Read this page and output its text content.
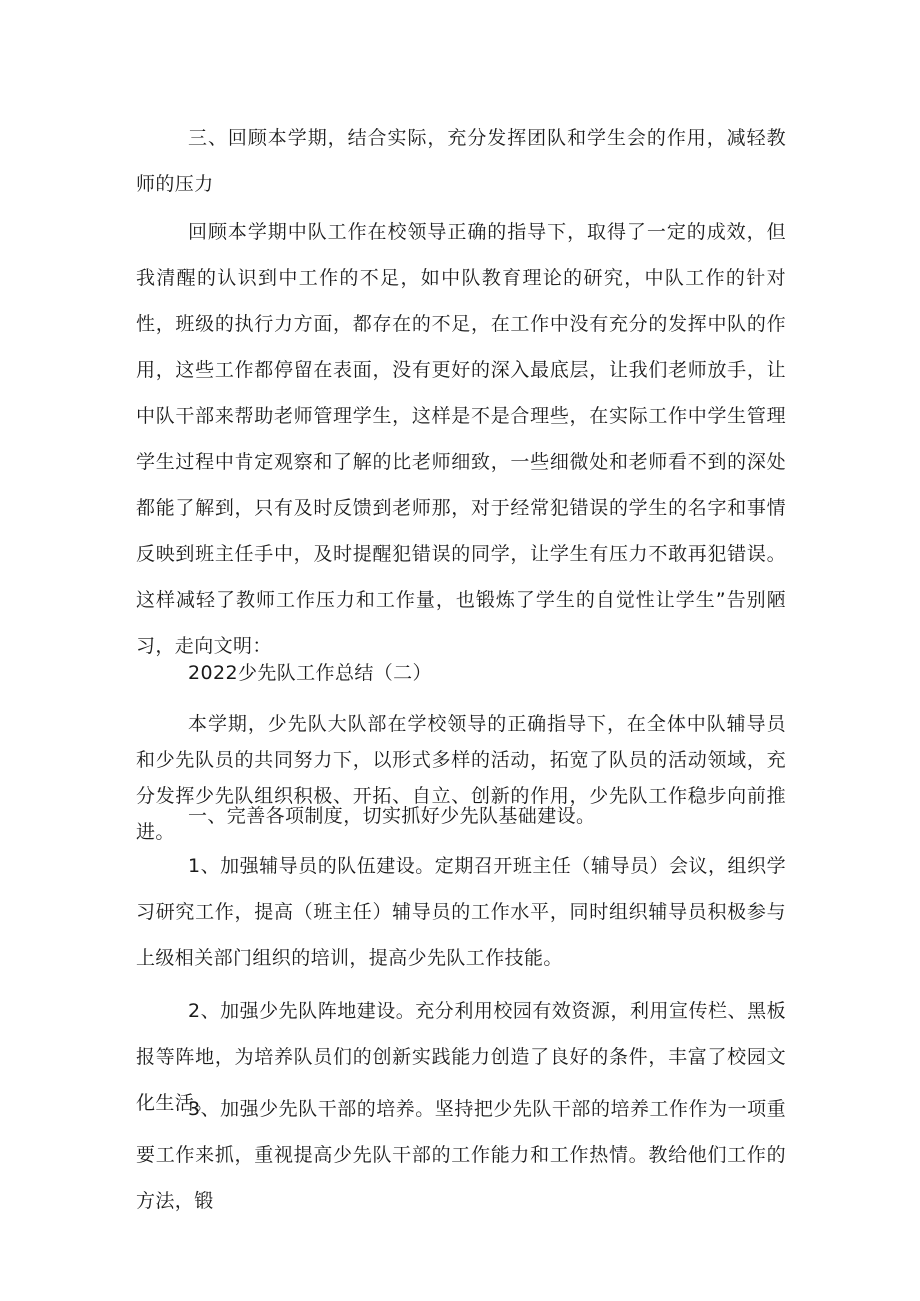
三、回顾本学期，结合实际，充分发挥团队和学生会的作用，减轻教师的压力

回顾本学期中队工作在校领导正确的指导下，取得了一定的成效，但我清醒的认识到中工作的不足，如中队教育理论的研究，中队工作的针对性，班级的执行力方面，都存在的不足，在工作中没有充分的发挥中队的作用，这些工作都停留在表面，没有更好的深入最底层，让我们老师放手，让中队干部来帮助老师管理学生，这样是不是合理些，在实际工作中学生管理学生过程中肯定观察和了解的比老师细致，一些细微处和老师看不到的深处都能了解到，只有及时反馈到老师那，对于经常犯错误的学生的名字和事情反映到班主任手中，及时提醒犯错误的同学，让学生有压力不敢再犯错误。这样减轻了教师工作压力和工作量，也锻炼了学生的自觉性让学生”告别陋习，走向文明：

2022少先队工作总结（二）

本学期，少先队大队部在学校领导的正确指导下，在全体中队辅导员和少先队员的共同努力下，以形式多样的活动，拓宽了队员的活动领域，充分发挥少先队组织积极、开拓、自立、创新的作用，少先队工作稳步向前推进。

一、完善各项制度，切实抓好少先队基础建设。

1、加强辅导员的队伍建设。定期召开班主任（辅导员）会议，组织学习研究工作，提高（班主任）辅导员的工作水平，同时组织辅导员积极参与上级相关部门组织的培训，提高少先队工作技能。

2、加强少先队阵地建设。充分利用校园有效资源，利用宣传栏、黑板报等阵地，为培养队员们的创新实践能力创造了良好的条件，丰富了校园文化生活。

3、加强少先队干部的培养。坚持把少先队干部的培养工作作为一项重要工作来抓，重视提高少先队干部的工作能力和工作热情。教给他们工作的方法，锻
